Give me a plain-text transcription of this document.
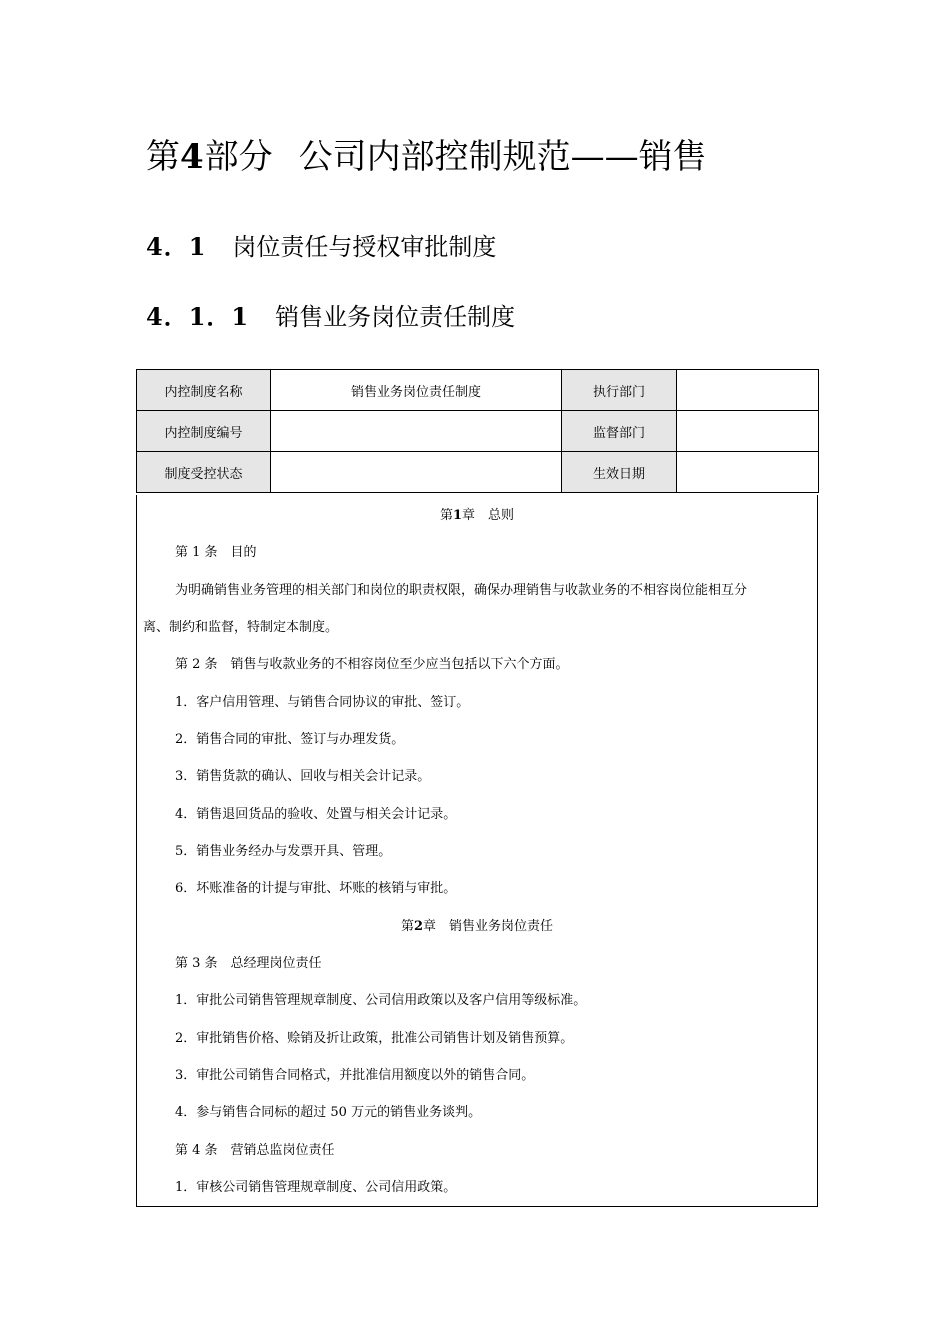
第4部分 公司内部控制规范——销售
4．1 岗位责任与授权审批制度
4．1．1 销售业务岗位责任制度
内控制度名称	销售业务岗位责任制度	执行部门	
内控制度编号		监督部门	
制度受控状态		生效日期	
第1章　总则
第 1 条　目的
为明确销售业务管理的相关部门和岗位的职责权限，确保办理销售与收款业务的不相容岗位能相互分
离、制约和监督，特制定本制度。
第 2 条　销售与收款业务的不相容岗位至少应当包括以下六个方面。
1．客户信用管理、与销售合同协议的审批、签订。
2．销售合同的审批、签订与办理发货。
3．销售货款的确认、回收与相关会计记录。
4．销售退回货品的验收、处置与相关会计记录。
5．销售业务经办与发票开具、管理。
6．坏账准备的计提与审批、坏账的核销与审批。
第2章　销售业务岗位责任
第 3 条　总经理岗位责任
1．审批公司销售管理规章制度、公司信用政策以及客户信用等级标准。
2．审批销售价格、赊销及折让政策，批准公司销售计划及销售预算。
3．审批公司销售合同格式，并批准信用额度以外的销售合同。
4．参与销售合同标的超过 50 万元的销售业务谈判。
第 4 条　营销总监岗位责任
1．审核公司销售管理规章制度、公司信用政策。
